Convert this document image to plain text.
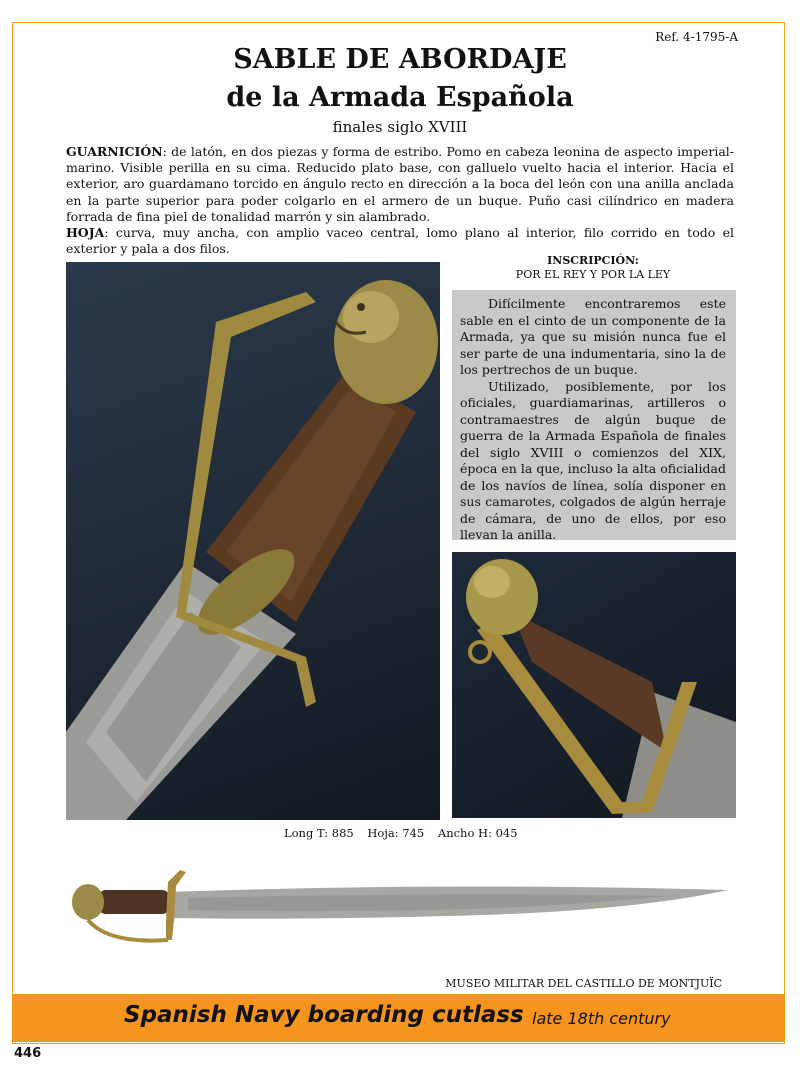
Ref. 4-1795-A
SABLE DE ABORDAJE
de la Armada Española
finales siglo XVIII
GUARNICIÓN: de latón, en dos piezas y forma de estribo. Pomo en cabeza leonina de aspecto imperial-marino. Visible perilla en su cima. Reducido plato base, con galluelo vuelto hacia el interior. Hacia el exterior, aro guardamano torcido en ángulo recto en dirección a la boca del león con una anilla anclada en la parte superior para poder colgarlo en el armero de un buque. Puño casi cilíndrico en madera forrada de fina piel de tonalidad marrón y sin alambrado.
HOJA: curva, muy ancha, con amplio vaceo central, lomo plano al interior, filo corrido en todo el exterior y pala a dos filos.
INSCRIPCIÓN:
POR EL REY Y POR LA LEY

Difícilmente encontraremos este sable en el cinto de un componente de la Armada, ya que su misión nunca fue el ser parte de una indumentaria, sino la de los pertrechos de un buque.

Utilizado, posiblemente, por los oficiales, guardiamarinas, artilleros o contramaestres de algún buque de guerra de la Armada Española de finales del siglo XVIII o comienzos del XIX, época en la que, incluso la alta oficialidad de los navíos de línea, solía disponer en sus camarotes, colgados de algún herraje de cámara, de uno de ellos, por eso llevan la anilla.

Long T: 885 Hoja: 745 Ancho H: 045
MUSEO MILITAR DEL CASTILLO DE MONTJUÏC
Spanish Navy boarding cutlass late 18th century
446
